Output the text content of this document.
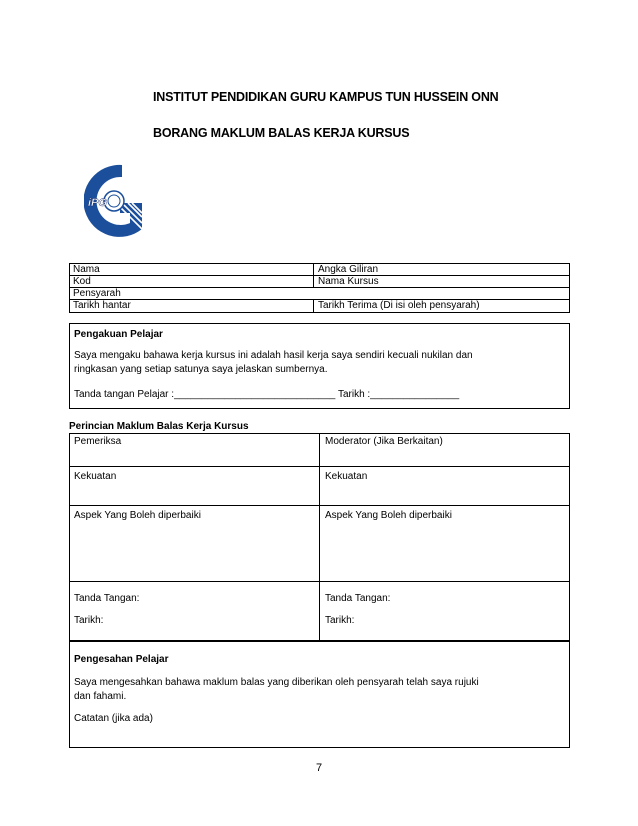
INSTITUT PENDIDIKAN GURU KAMPUS TUN HUSSEIN ONN
BORANG MAKLUM BALAS KERJA KURSUS
iPG
Nama	Angka Giliran
Kod	Nama Kursus
Pensyarah
Tarikh hantar	Tarikh Terima (Di isi oleh pensyarah)
Pengakuan Pelajar
Saya mengaku bahawa kerja kursus ini adalah hasil kerja saya sendiri kecuali nukilan dan
ringkasan yang setiap satunya saya jelaskan sumbernya.
Tanda tangan Pelajar :_____________________________ Tarikh :________________
Perincian Maklum Balas Kerja Kursus
Pemeriksa	Moderator (Jika Berkaitan)
Kekuatan	Kekuatan
Aspek Yang Boleh diperbaiki	Aspek Yang Boleh diperbaiki
Tanda Tangan:	Tanda Tangan:
Tarikh:	Tarikh:
Pengesahan Pelajar
Saya mengesahkan bahawa maklum balas yang diberikan oleh pensyarah telah saya rujuki
dan fahami.
Catatan (jika ada)
7
